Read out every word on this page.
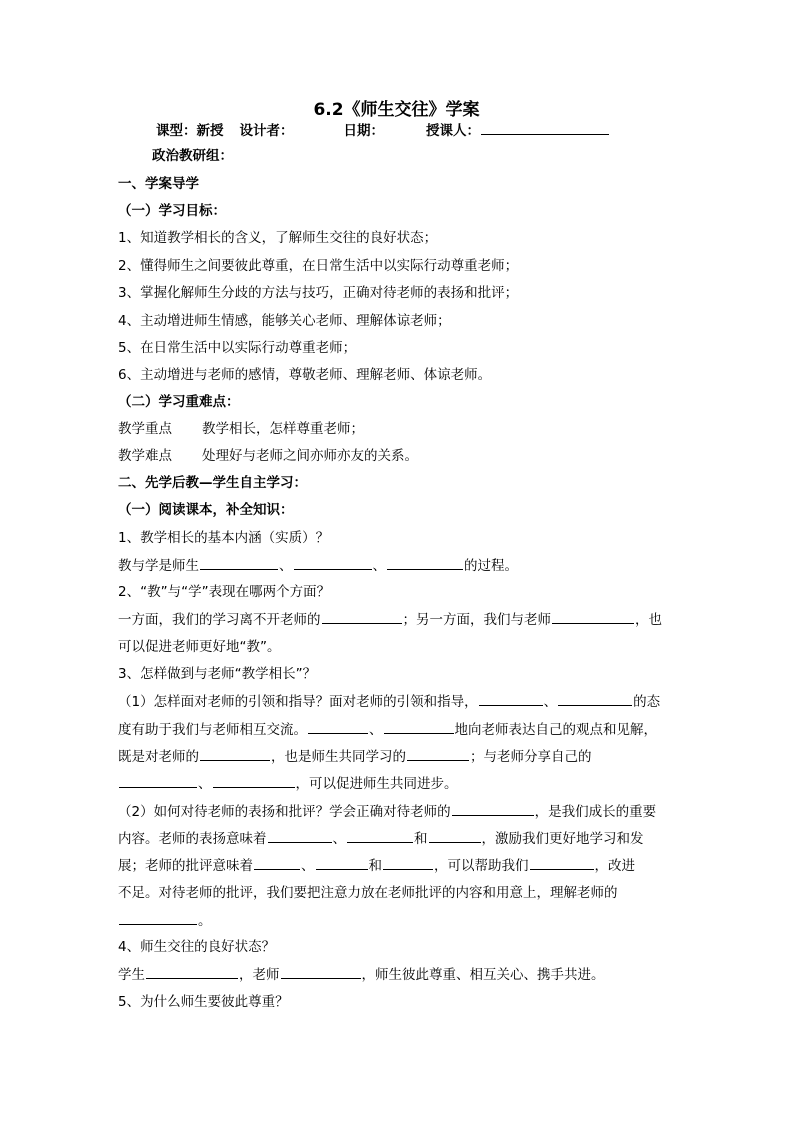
6.2《师生交往》学案
课型：新授 设计者：	日期：	授课人：
政治教研组：
一、学案导学
（一）学习目标：
1、知道教学相长的含义，了解师生交往的良好状态；
2、懂得师生之间要彼此尊重，在日常生活中以实际行动尊重老师；
3、掌握化解师生分歧的方法与技巧，正确对待老师的表扬和批评；
4、主动增进师生情感，能够关心老师、理解体谅老师；
5、在日常生活中以实际行动尊重老师；
6、主动增进与老师的感情，尊敬老师、理解老师、体谅老师。
（二）学习重难点：
教学重点 教学相长，怎样尊重老师；
教学难点 处理好与老师之间亦师亦友的关系。
二、先学后教—学生自主学习：
（一）阅读课本，补全知识：
1、教学相长的基本内涵（实质）？
教与学是师生	、	、	的过程。
2、“教”与“学”表现在哪两个方面？
一方面，我们的学习离不开老师的	；另一方面，我们与老师	，也
可以促进老师更好地“教”。
3、怎样做到与老师“教学相长”？
（1）怎样面对老师的引领和指导？面对老师的引领和指导，	、	的态
度有助于我们与老师相互交流。	、	地向老师表达自己的观点和见解，
既是对老师的	，也是师生共同学习的	；与老师分享自己的
、	，可以促进师生共同进步。
（2）如何对待老师的表扬和批评？学会正确对待老师的	，是我们成长的重要
内容。老师的表扬意味着	、	和	，激励我们更好地学习和发
展；老师的批评意味着	、	和	，可以帮助我们	，改进
不足。对待老师的批评，我们要把注意力放在老师批评的内容和用意上，理解老师的
。
4、师生交往的良好状态？
学生	，老师	，师生彼此尊重、相互关心、携手共进。
5、为什么师生要彼此尊重？
